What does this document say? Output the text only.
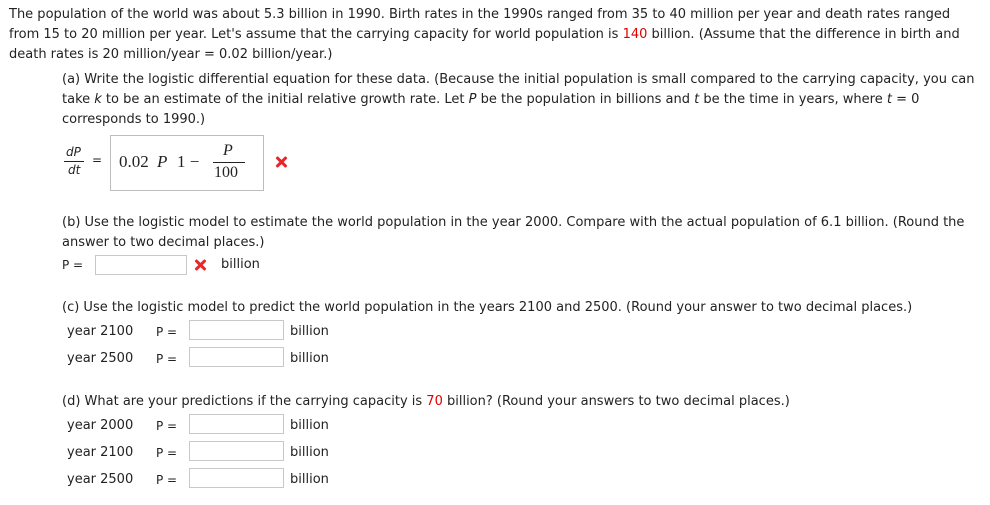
The population of the world was about 5.3 billion in 1990. Birth rates in the 1990s ranged from 35 to 40 million per year and death rates ranged
from 15 to 20 million per year. Let's assume that the carrying capacity for world population is 140 billion. (Assume that the difference in birth and
death rates is 20 million/year = 0.02 billion/year.)
(a) Write the logistic differential equation for these data. (Because the initial population is small compared to the carrying capacity, you can
take k to be an estimate of the initial relative growth rate. Let P be the population in billions and t be the time in years, where t = 0
corresponds to 1990.)
dP
dt
= 0.02 P 1 −
P
100
(b) Use the logistic model to estimate the world population in the year 2000. Compare with the actual population of 6.1 billion. (Round the
answer to two decimal places.)
P =	billion
(c) Use the logistic model to predict the world population in the years 2100 and 2500. (Round your answer to two decimal places.)
year 2100 P =	billion
year 2500 P =	billion
(d) What are your predictions if the carrying capacity is 70 billion? (Round your answers to two decimal places.)
year 2000 P =	billion
year 2100 P =	billion
year 2500 P =	billion
